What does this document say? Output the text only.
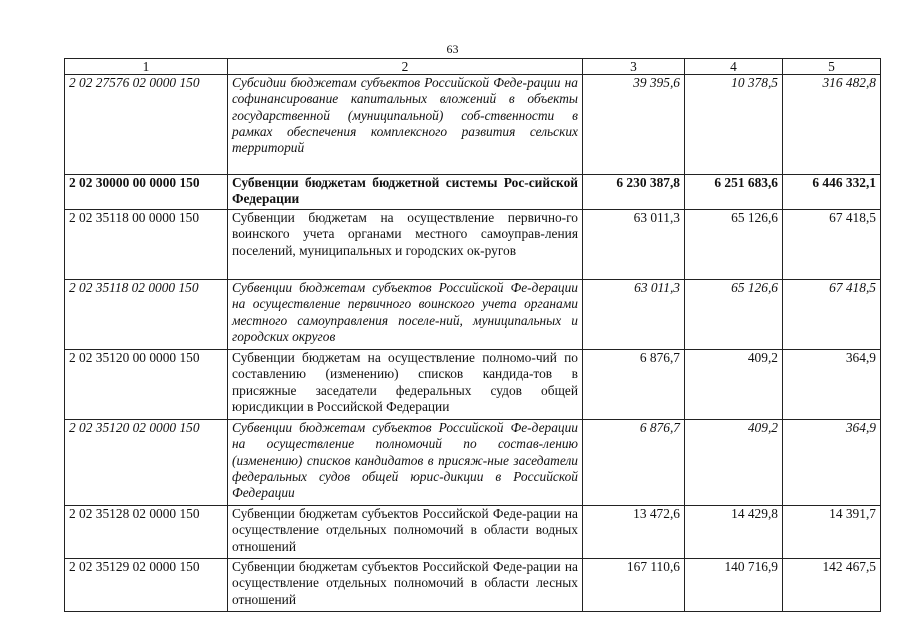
63
1	2	3	4	5
2 02 27576 02 0000 150	Субсидии бюджетам субъектов Российской Феде-рации на софинансирование капитальных вложений в объекты государственной (муниципальной) соб-ственности в рамках обеспечения комплексного развития сельских территорий	39 395,6	10 378,5	316 482,8
2 02 30000 00 0000 150	Субвенции бюджетам бюджетной системы Рос-сийской Федерации	6 230 387,8	6 251 683,6	6 446 332,1
2 02 35118 00 0000 150	Субвенции бюджетам на осуществление первично-го воинского учета органами местного самоуправ-ления поселений, муниципальных и городских ок-ругов	63 011,3	65 126,6	67 418,5
2 02 35118 02 0000 150	Субвенции бюджетам субъектов Российской Фе-дерации на осуществление первичного воинского учета органами местного самоуправления поселе-ний, муниципальных и городских округов	63 011,3	65 126,6	67 418,5
2 02 35120 00 0000 150	Субвенции бюджетам на осуществление полномо-чий по составлению (изменению) списков кандида-тов в присяжные заседатели федеральных судов общей юрисдикции в Российской Федерации	6 876,7	409,2	364,9
2 02 35120 02 0000 150	Субвенции бюджетам субъектов Российской Фе-дерации на осуществление полномочий по состав-лению (изменению) списков кандидатов в присяж-ные заседатели федеральных судов общей юрис-дикции в Российской Федерации	6 876,7	409,2	364,9
2 02 35128 02 0000 150	Субвенции бюджетам субъектов Российской Феде-рации на осуществление отдельных полномочий в области водных отношений	13 472,6	14 429,8	14 391,7
2 02 35129 02 0000 150	Субвенции бюджетам субъектов Российской Феде-рации на осуществление отдельных полномочий в области лесных отношений	167 110,6	140 716,9	142 467,5
